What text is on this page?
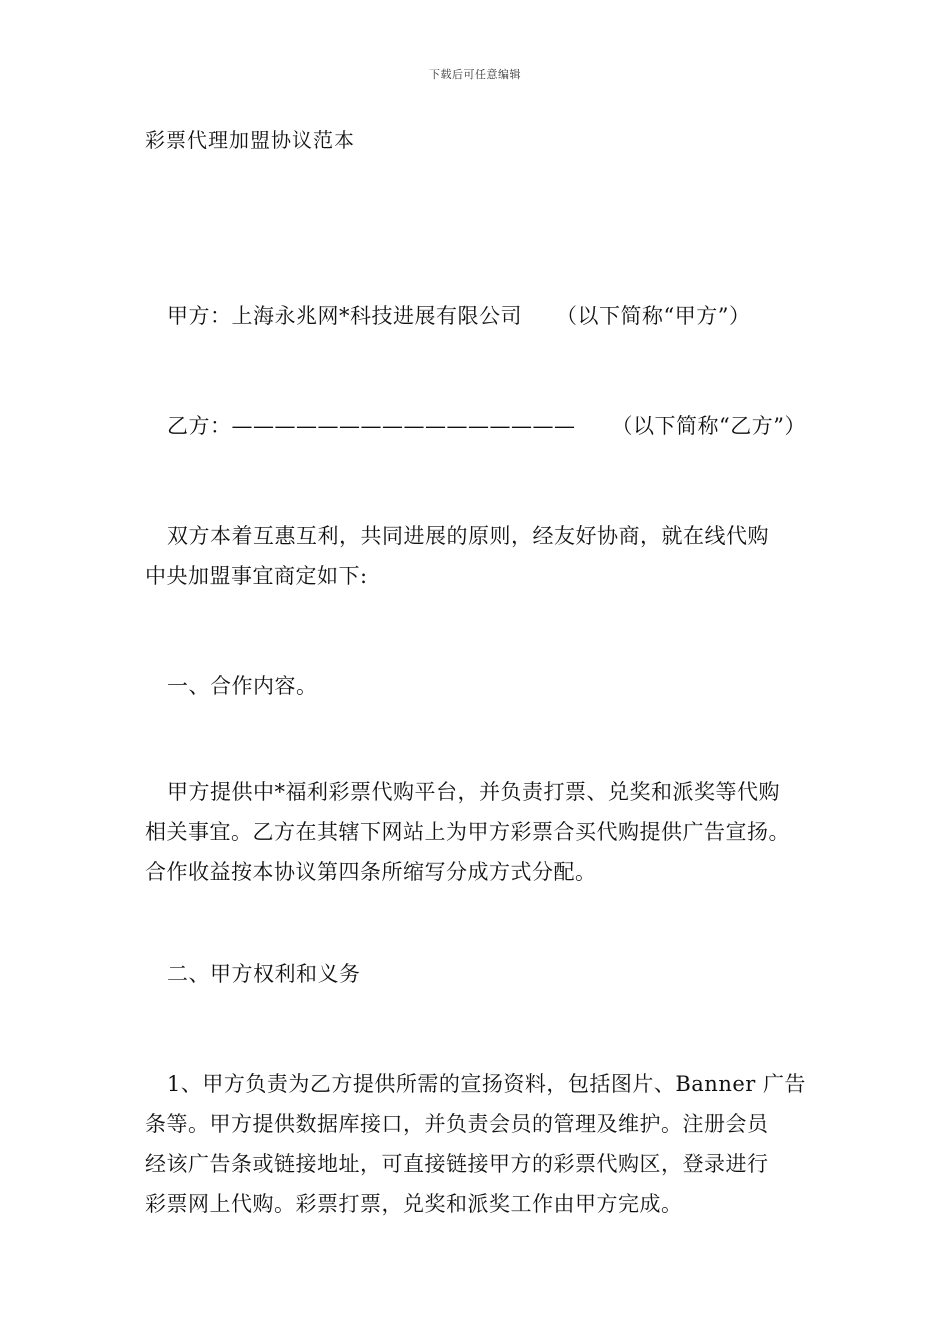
下载后可任意编辑
彩票代理加盟协议范本
甲方：上海永兆网*科技进展有限公司 （以下简称“甲方”）
乙方：———————————————— （以下简称“乙方”）
双方本着互惠互利，共同进展的原则，经友好协商，就在线代购
中央加盟事宜商定如下:
一、合作内容。
甲方提供中*福利彩票代购平台，并负责打票、兑奖和派奖等代购
相关事宜。乙方在其辖下网站上为甲方彩票合买代购提供广告宣扬。
合作收益按本协议第四条所缩写分成方式分配。
二、甲方权利和义务
1、甲方负责为乙方提供所需的宣扬资料，包括图片、Banner 广告
条等。甲方提供数据库接口，并负责会员的管理及维护。注册会员
经该广告条或链接地址，可直接链接甲方的彩票代购区，登录进行
彩票网上代购。彩票打票，兑奖和派奖工作由甲方完成。
